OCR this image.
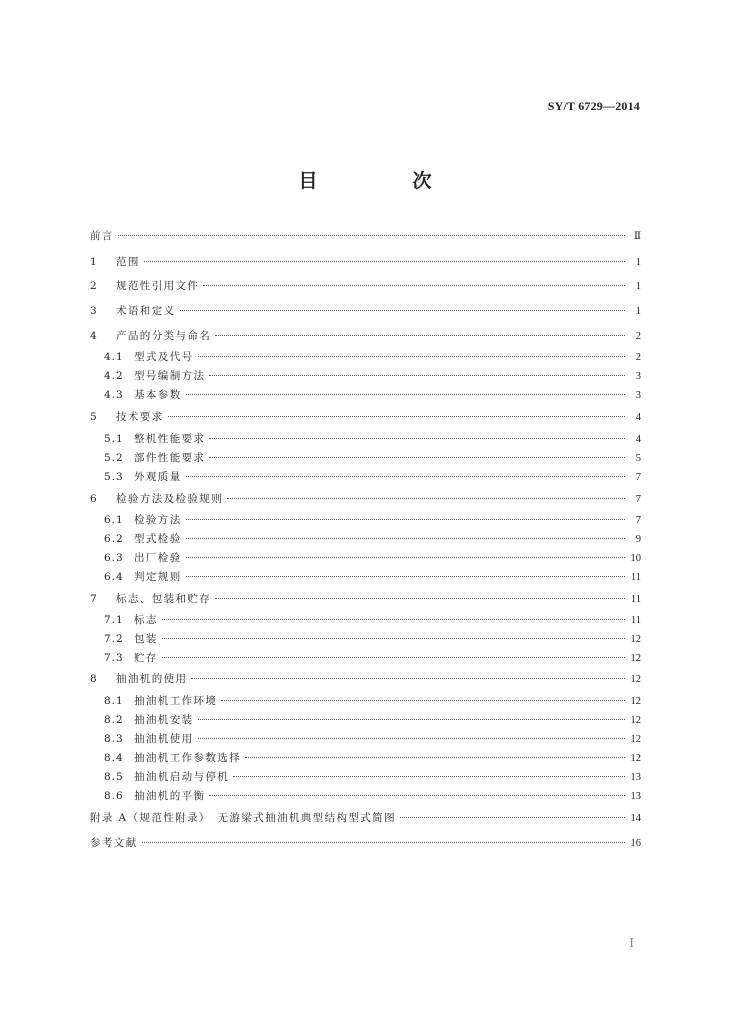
SY/T 6729—2014
目　次
前言	Ⅱ
1 范围	1
2 规范性引用文件	1
3 术语和定义	1
4 产品的分类与命名	2
4.1 型式及代号	2
4.2 型号编制方法	3
4.3 基本参数	3
5 技术要求	4
5.1 整机性能要求	4
5.2 部件性能要求	5
5.3 外观质量	7
6 检验方法及检验规则	7
6.1 检验方法	7
6.2 型式检验	9
6.3 出厂检验	10
6.4 判定规则	11
7 标志、包装和贮存	11
7.1 标志	11
7.2 包装	12
7.3 贮存	12
8 抽油机的使用	12
8.1 抽油机工作环境	12
8.2 抽油机安装	12
8.3 抽油机使用	12
8.4 抽油机工作参数选择	12
8.5 抽油机启动与停机	13
8.6 抽油机的平衡	13
附录 A（规范性附录）　无游梁式抽油机典型结构型式简图	14
参考文献	16
Ⅰ
